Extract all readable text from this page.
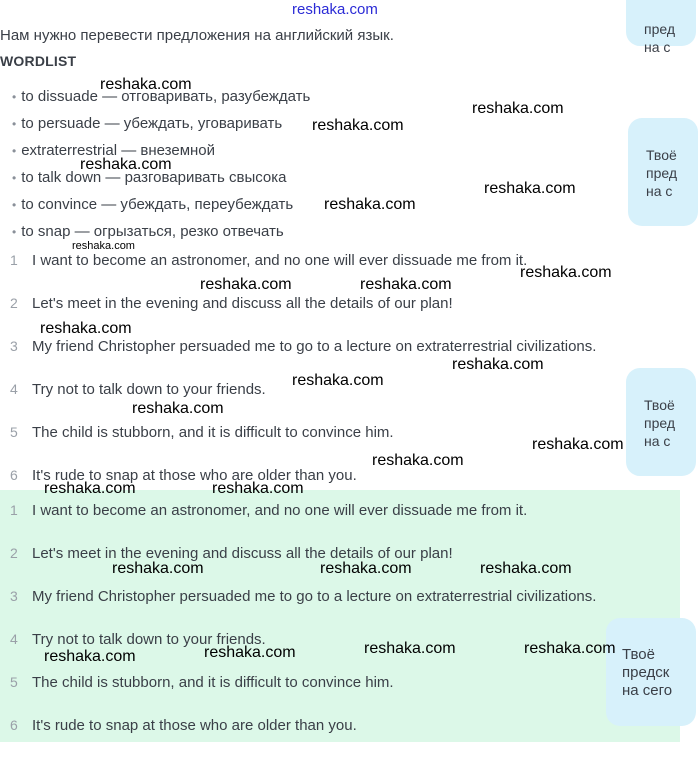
reshaka.com
Нам нужно перевести предложения на английский язык.
WORDLIST
• to dissuade — отговаривать, разубеждать
• to persuade — убеждать, уговаривать
• extraterrestrial — внеземной
• to talk down — разговаривать свысока
• to convince — убеждать, переубеждать
• to snap — огрызаться, резко отвечать
1 I want to become an astronomer, and no one will ever dissuade me from it.
2 Let's meet in the evening and discuss all the details of our plan!
3 My friend Christopher persuaded me to go to a lecture on extraterrestrial civilizations.
4 Try not to talk down to your friends.
5 The child is stubborn, and it is difficult to convince him.
6 It's rude to snap at those who are older than you.
1 I want to become an astronomer, and no one will ever dissuade me from it.
2 Let's meet in the evening and discuss all the details of our plan!
3 My friend Christopher persuaded me to go to a lecture on extraterrestrial civilizations.
4 Try not to talk down to your friends.
5 The child is stubborn, and it is difficult to convince him.
6 It's rude to snap at those who are older than you.
пред
на с
Твоё
пред
на с
Твоё
пред
на с
Твоё
предск
на сего
reshaka.com
reshaka.com
reshaka.com
reshaka.com
reshaka.com
reshaka.com
reshaka.com
reshaka.com
reshaka.com	reshaka.com
reshaka.com
reshaka.com
reshaka.com
reshaka.com
reshaka.com
reshaka.com
reshaka.com	reshaka.com
reshaka.com	reshaka.com	reshaka.com
reshaka.com	reshaka.com
reshaka.com
reshaka.com
